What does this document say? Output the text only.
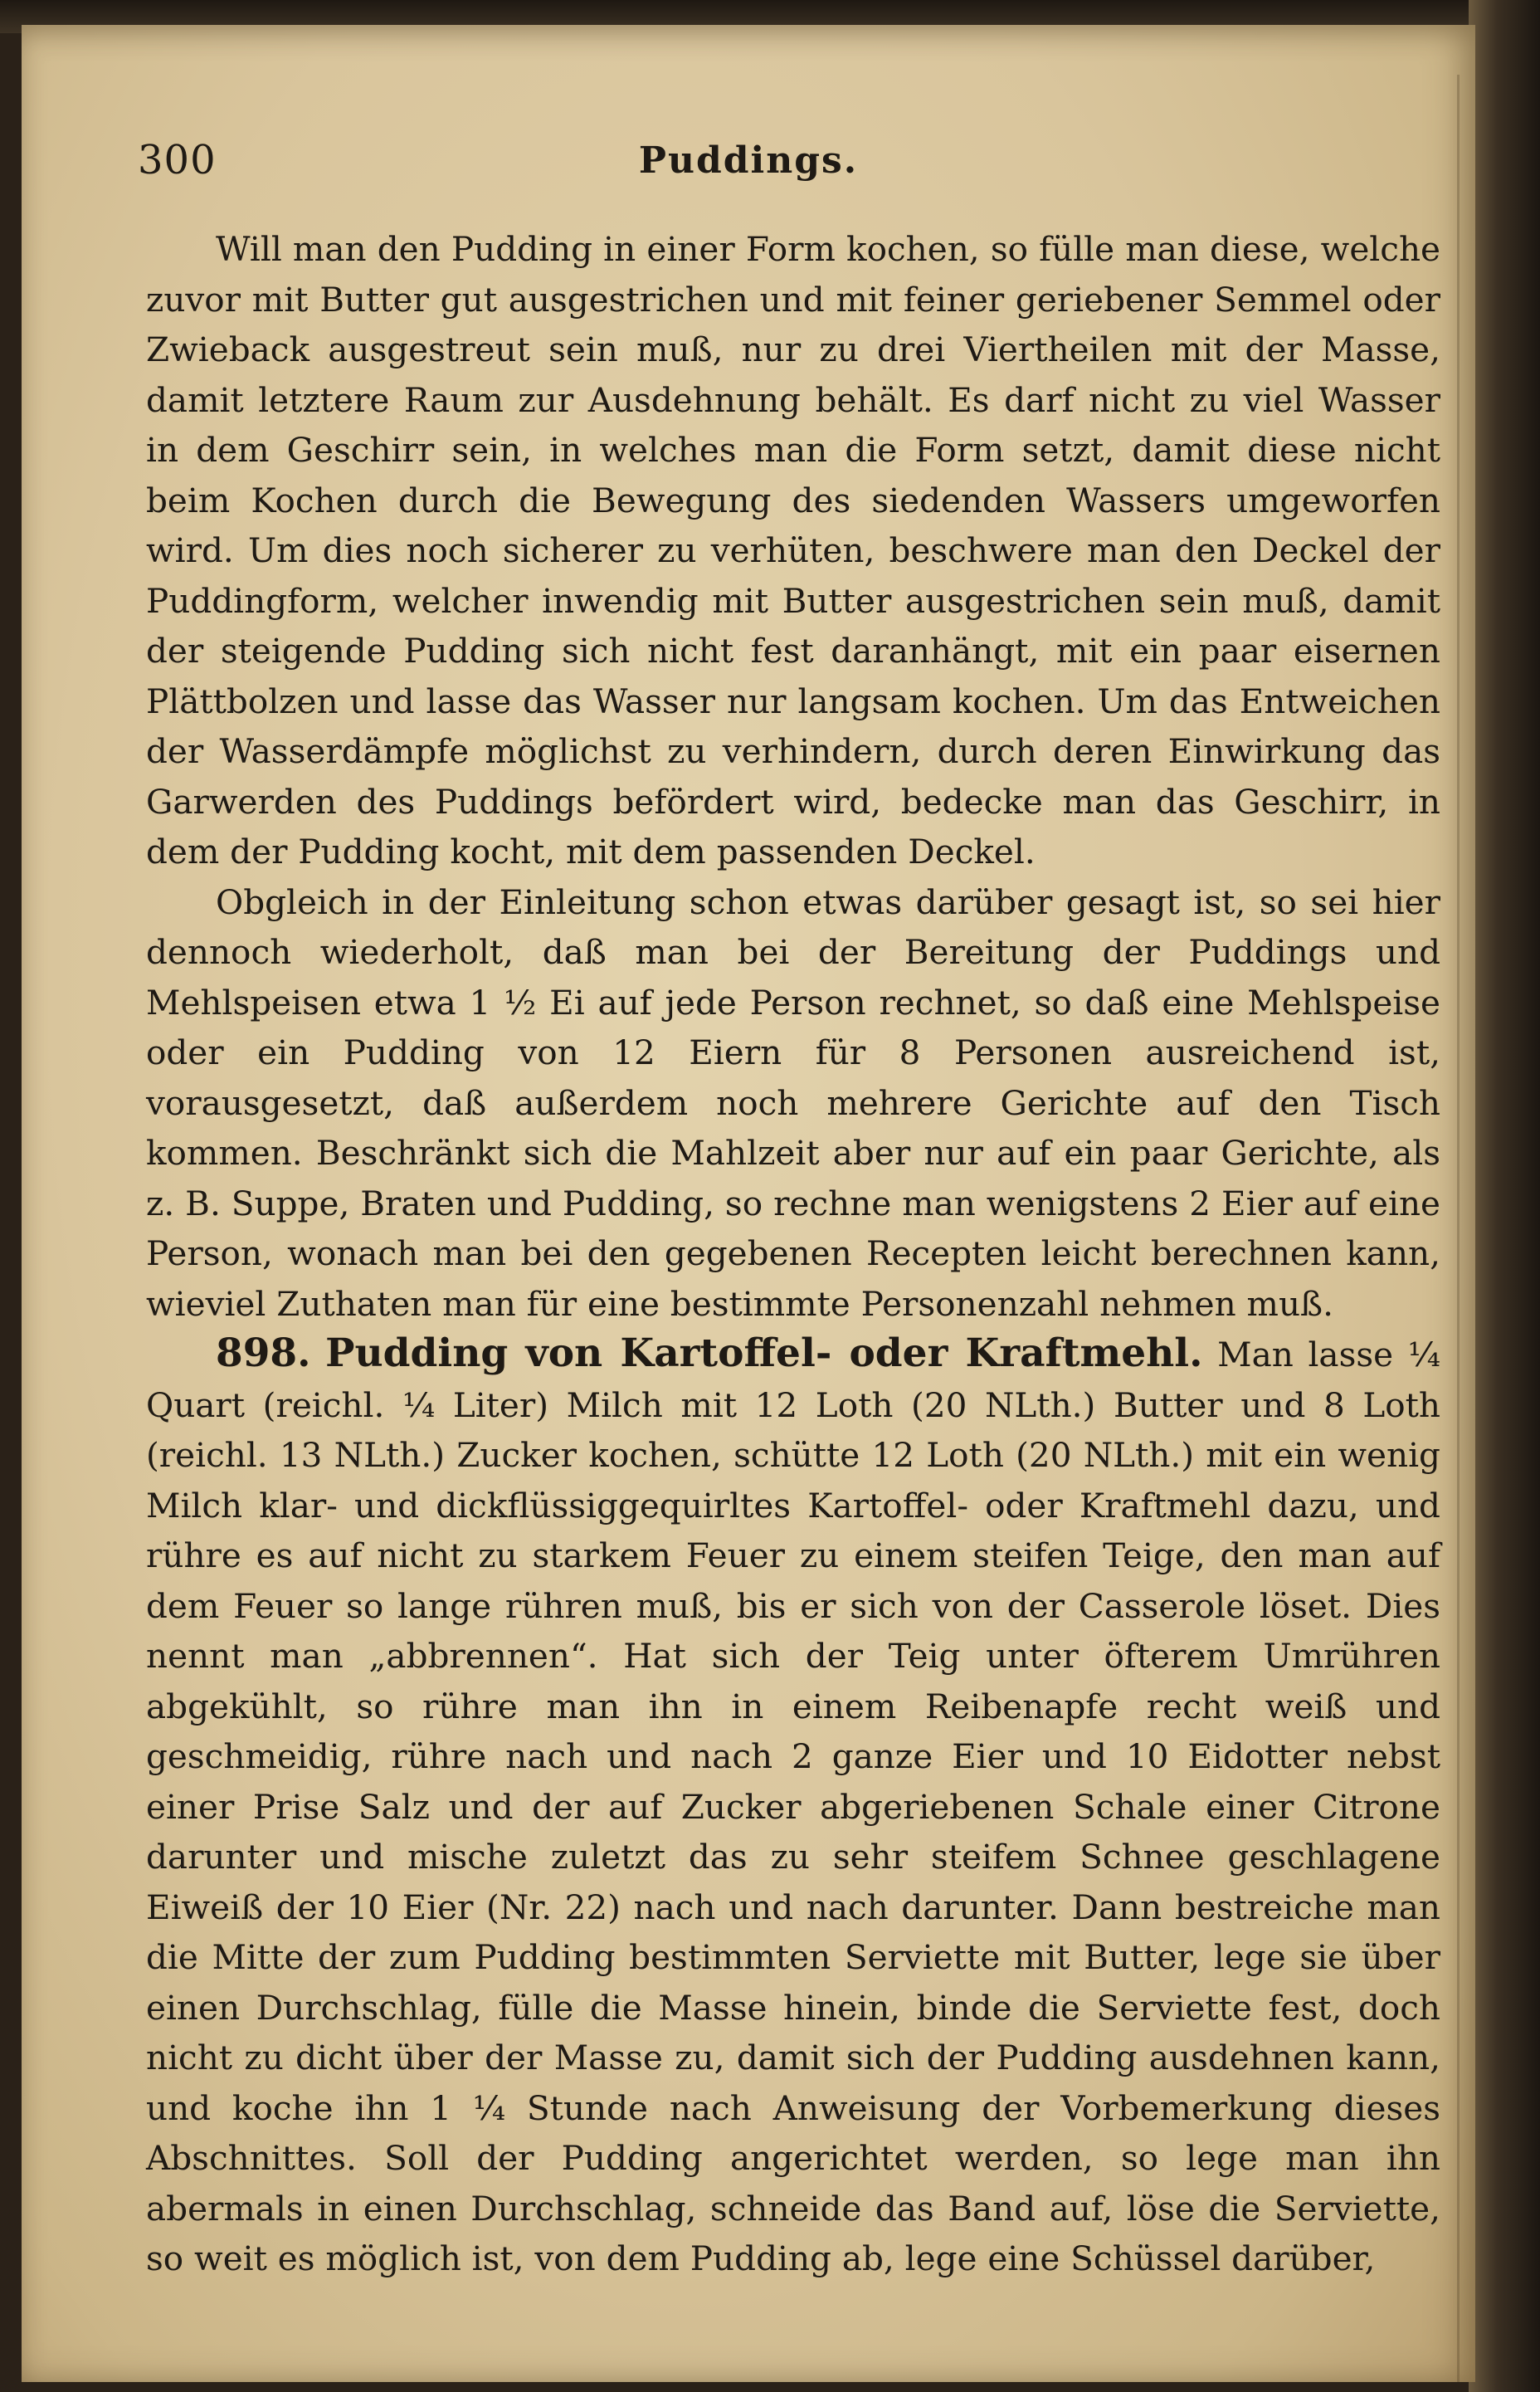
300	Puddings.

Will man den Pudding in einer Form kochen, so fülle man diese, welche zuvor mit Butter gut ausgestrichen und mit feiner geriebener Semmel oder Zwieback ausgestreut sein muß, nur zu drei Viertheilen mit der Masse, damit letztere Raum zur Ausdehnung behält. Es darf nicht zu viel Wasser in dem Geschirr sein, in welches man die Form setzt, damit diese nicht beim Kochen durch die Bewegung des siedenden Wassers umgeworfen wird. Um dies noch sicherer zu verhüten, beschwere man den Deckel der Puddingform, welcher inwendig mit Butter ausgestrichen sein muß, damit der steigende Pudding sich nicht fest daranhängt, mit ein paar eisernen Plättbolzen und lasse das Wasser nur langsam kochen. Um das Entweichen der Wasserdämpfe möglichst zu verhindern, durch deren Einwirkung das Garwerden des Puddings befördert wird, bedecke man das Geschirr, in dem der Pudding kocht, mit dem passenden Deckel.

Obgleich in der Einleitung schon etwas darüber gesagt ist, so sei hier dennoch wiederholt, daß man bei der Bereitung der Puddings und Mehlspeisen etwa 1 ½ Ei auf jede Person rechnet, so daß eine Mehlspeise oder ein Pudding von 12 Eiern für 8 Personen ausreichend ist, vorausgesetzt, daß außerdem noch mehrere Gerichte auf den Tisch kommen. Beschränkt sich die Mahlzeit aber nur auf ein paar Gerichte, als z. B. Suppe, Braten und Pudding, so rechne man wenigstens 2 Eier auf eine Person, wonach man bei den gegebenen Recepten leicht berechnen kann, wieviel Zuthaten man für eine bestimmte Personenzahl nehmen muß.

898. Pudding von Kartoffel- oder Kraftmehl. Man lasse ¼ Quart (reichl. ¼ Liter) Milch mit 12 Loth (20 NLth.) Butter und 8 Loth (reichl. 13 NLth.) Zucker kochen, schütte 12 Loth (20 NLth.) mit ein wenig Milch klar- und dickflüssiggequirltes Kartoffel- oder Kraftmehl dazu, und rühre es auf nicht zu starkem Feuer zu einem steifen Teige, den man auf dem Feuer so lange rühren muß, bis er sich von der Casserole löset. Dies nennt man „abbrennen“. Hat sich der Teig unter öfterem Umrühren abgekühlt, so rühre man ihn in einem Reibenapfe recht weiß und geschmeidig, rühre nach und nach 2 ganze Eier und 10 Eidotter nebst einer Prise Salz und der auf Zucker abgeriebenen Schale einer Citrone darunter und mische zuletzt das zu sehr steifem Schnee geschlagene Eiweiß der 10 Eier (Nr. 22) nach und nach darunter. Dann bestreiche man die Mitte der zum Pudding bestimmten Serviette mit Butter, lege sie über einen Durchschlag, fülle die Masse hinein, binde die Serviette fest, doch nicht zu dicht über der Masse zu, damit sich der Pudding ausdehnen kann, und koche ihn 1 ¼ Stunde nach Anweisung der Vorbemerkung dieses Abschnittes. Soll der Pudding angerichtet werden, so lege man ihn abermals in einen Durchschlag, schneide das Band auf, löse die Serviette, so weit es möglich ist, von dem Pudding ab, lege eine Schüssel darüber,
